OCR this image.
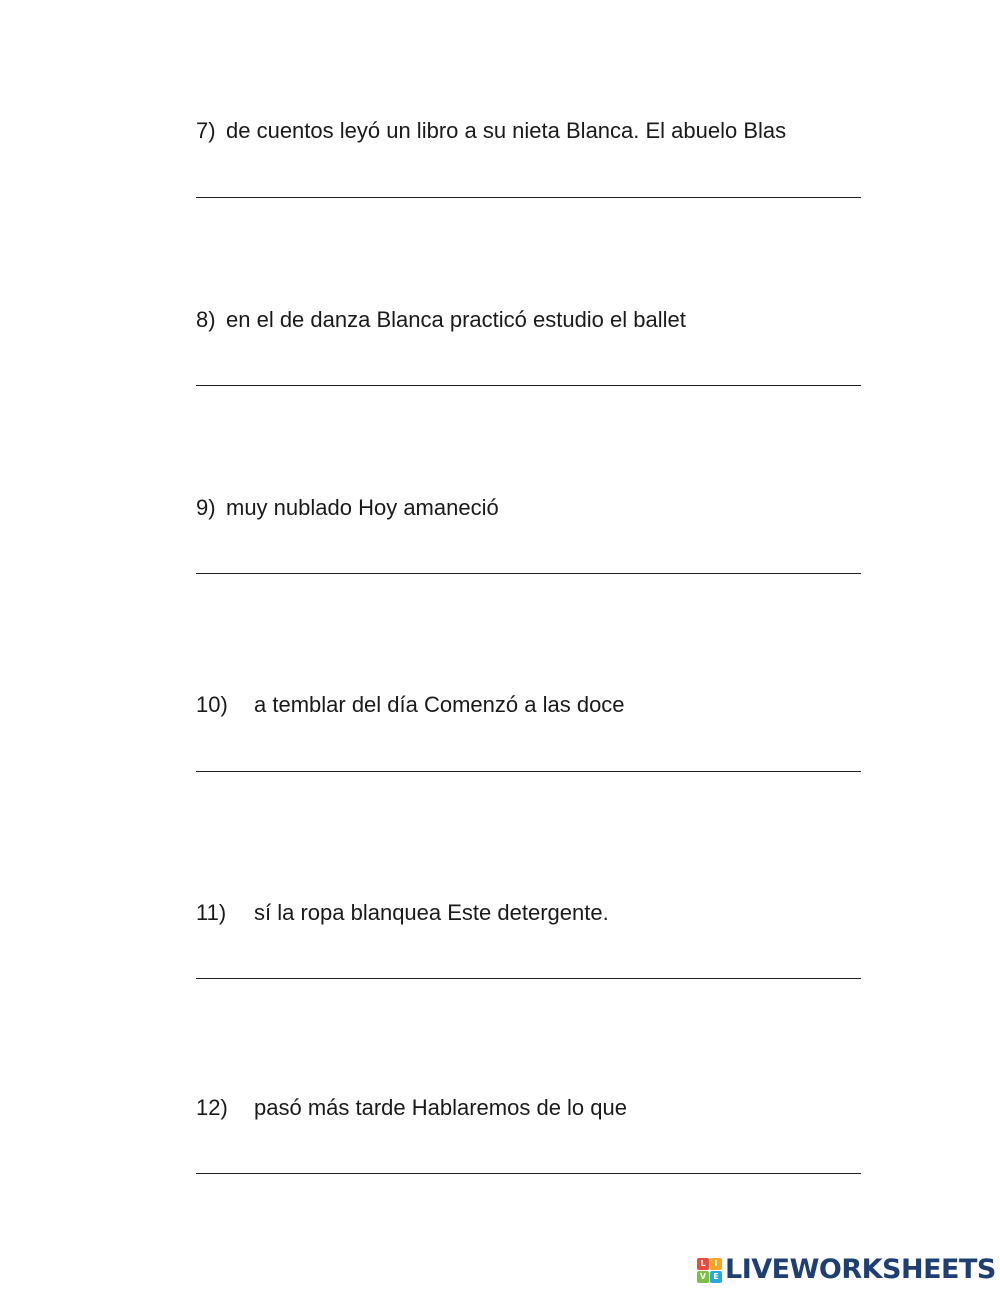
7) de cuentos leyó un libro a su nieta Blanca. El abuelo Blas
8) en el de danza Blanca practicó estudio el ballet
9) muy nublado Hoy amaneció
10) a temblar del día Comenzó a las doce
11) sí la ropa blanquea Este detergente.
12) pasó más tarde Hablaremos de lo que
L	I
V E LIVEWORKSHEETS
